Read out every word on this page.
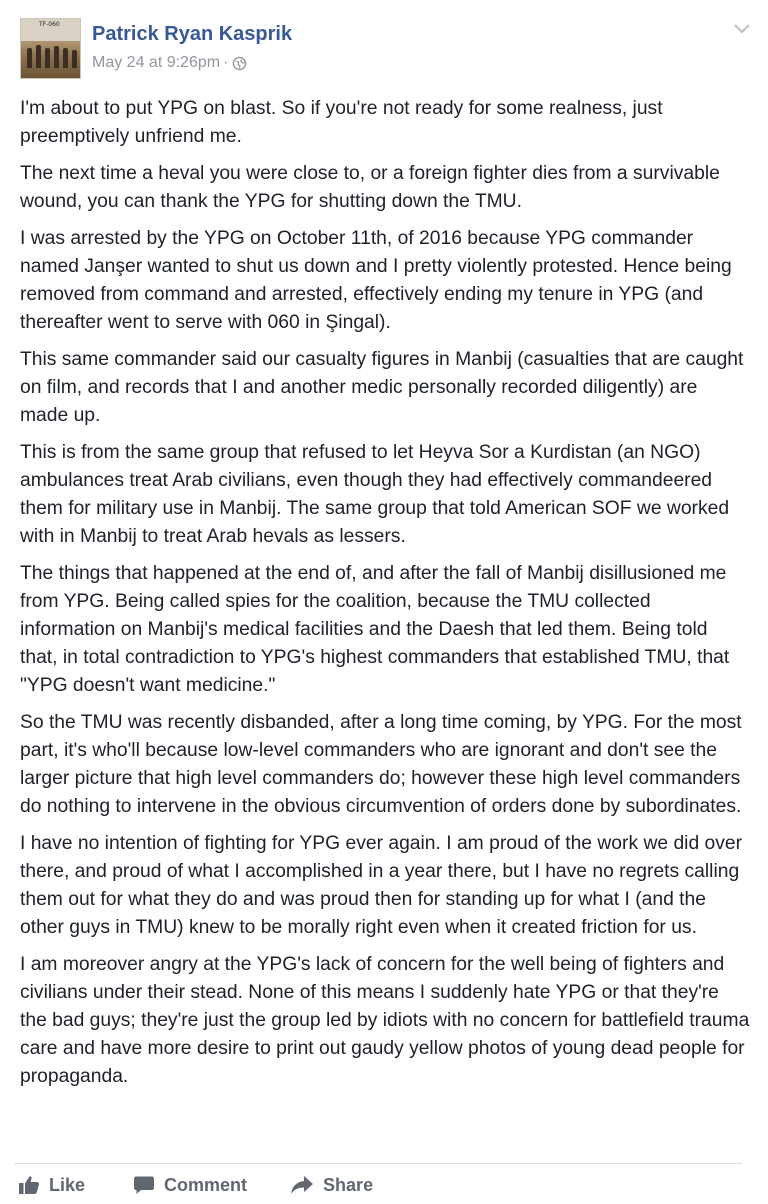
TF-060 Patrick Ryan Kasprik
May 24 at 9:26pm ·

I'm about to put YPG on blast. So if you're not ready for some realness, just preemptively unfriend me.

The next time a heval you were close to, or a foreign fighter dies from a survivable wound, you can thank the YPG for shutting down the TMU.

I was arrested by the YPG on October 11th, of 2016 because YPG commander named Janşer wanted to shut us down and I pretty violently protested. Hence being removed from command and arrested, effectively ending my tenure in YPG (and thereafter went to serve with 060 in Şingal).

This same commander said our casualty figures in Manbij (casualties that are caught on film, and records that I and another medic personally recorded diligently) are made up.

This is from the same group that refused to let Heyva Sor a Kurdistan (an NGO) ambulances treat Arab civilians, even though they had effectively commandeered them for military use in Manbij. The same group that told American SOF we worked with in Manbij to treat Arab hevals as lessers.

The things that happened at the end of, and after the fall of Manbij disillusioned me from YPG. Being called spies for the coalition, because the TMU collected information on Manbij's medical facilities and the Daesh that led them. Being told that, in total contradiction to YPG's highest commanders that established TMU, that "YPG doesn't want medicine."

So the TMU was recently disbanded, after a long time coming, by YPG. For the most part, it's who'll because low-level commanders who are ignorant and don't see the larger picture that high level commanders do; however these high level commanders do nothing to intervene in the obvious circumvention of orders done by subordinates.

I have no intention of fighting for YPG ever again. I am proud of the work we did over there, and proud of what I accomplished in a year there, but I have no regrets calling them out for what they do and was proud then for standing up for what I (and the other guys in TMU) knew to be morally right even when it created friction for us.

I am moreover angry at the YPG's lack of concern for the well being of fighters and civilians under their stead. None of this means I suddenly hate YPG or that they're the bad guys; they're just the group led by idiots with no concern for battlefield trauma care and have more desire to print out gaudy yellow photos of young dead people for propaganda.

Like	Comment	Share
